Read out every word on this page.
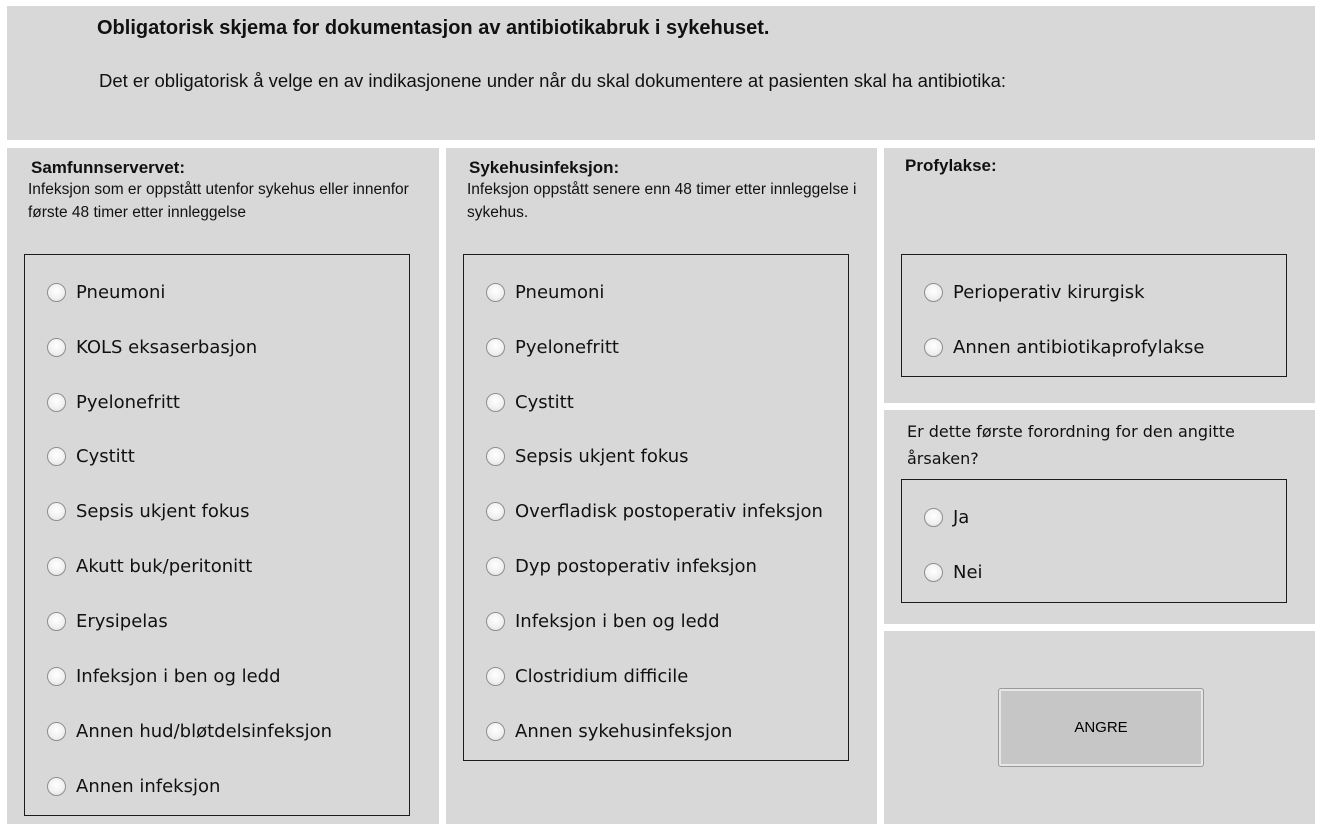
Obligatorisk skjema for dokumentasjon av antibiotikabruk i sykehuset.
Det er obligatorisk å velge en av indikasjonene under når du skal dokumentere at pasienten skal ha antibiotika:
Samfunnservervet:
Infeksjon som er oppstått utenfor sykehus eller innenfor første 48 timer etter innleggelse
Pneumoni
KOLS eksaserbasjon
Pyelonefritt
Cystitt
Sepsis ukjent fokus
Akutt buk/peritonitt
Erysipelas
Infeksjon i ben og ledd
Annen hud/bløtdelsinfeksjon
Annen infeksjon
Sykehusinfeksjon:
Infeksjon oppstått senere enn 48 timer etter innleggelse i sykehus.
Pneumoni
Pyelonefritt
Cystitt
Sepsis ukjent fokus
Overfladisk postoperativ infeksjon
Dyp postoperativ infeksjon
Infeksjon i ben og ledd
Clostridium difficile
Annen sykehusinfeksjon
Profylakse:
Perioperativ kirurgisk
Annen antibiotikaprofylakse
Er dette første forordning for den angitte årsaken?
Ja
Nei
ANGRE
